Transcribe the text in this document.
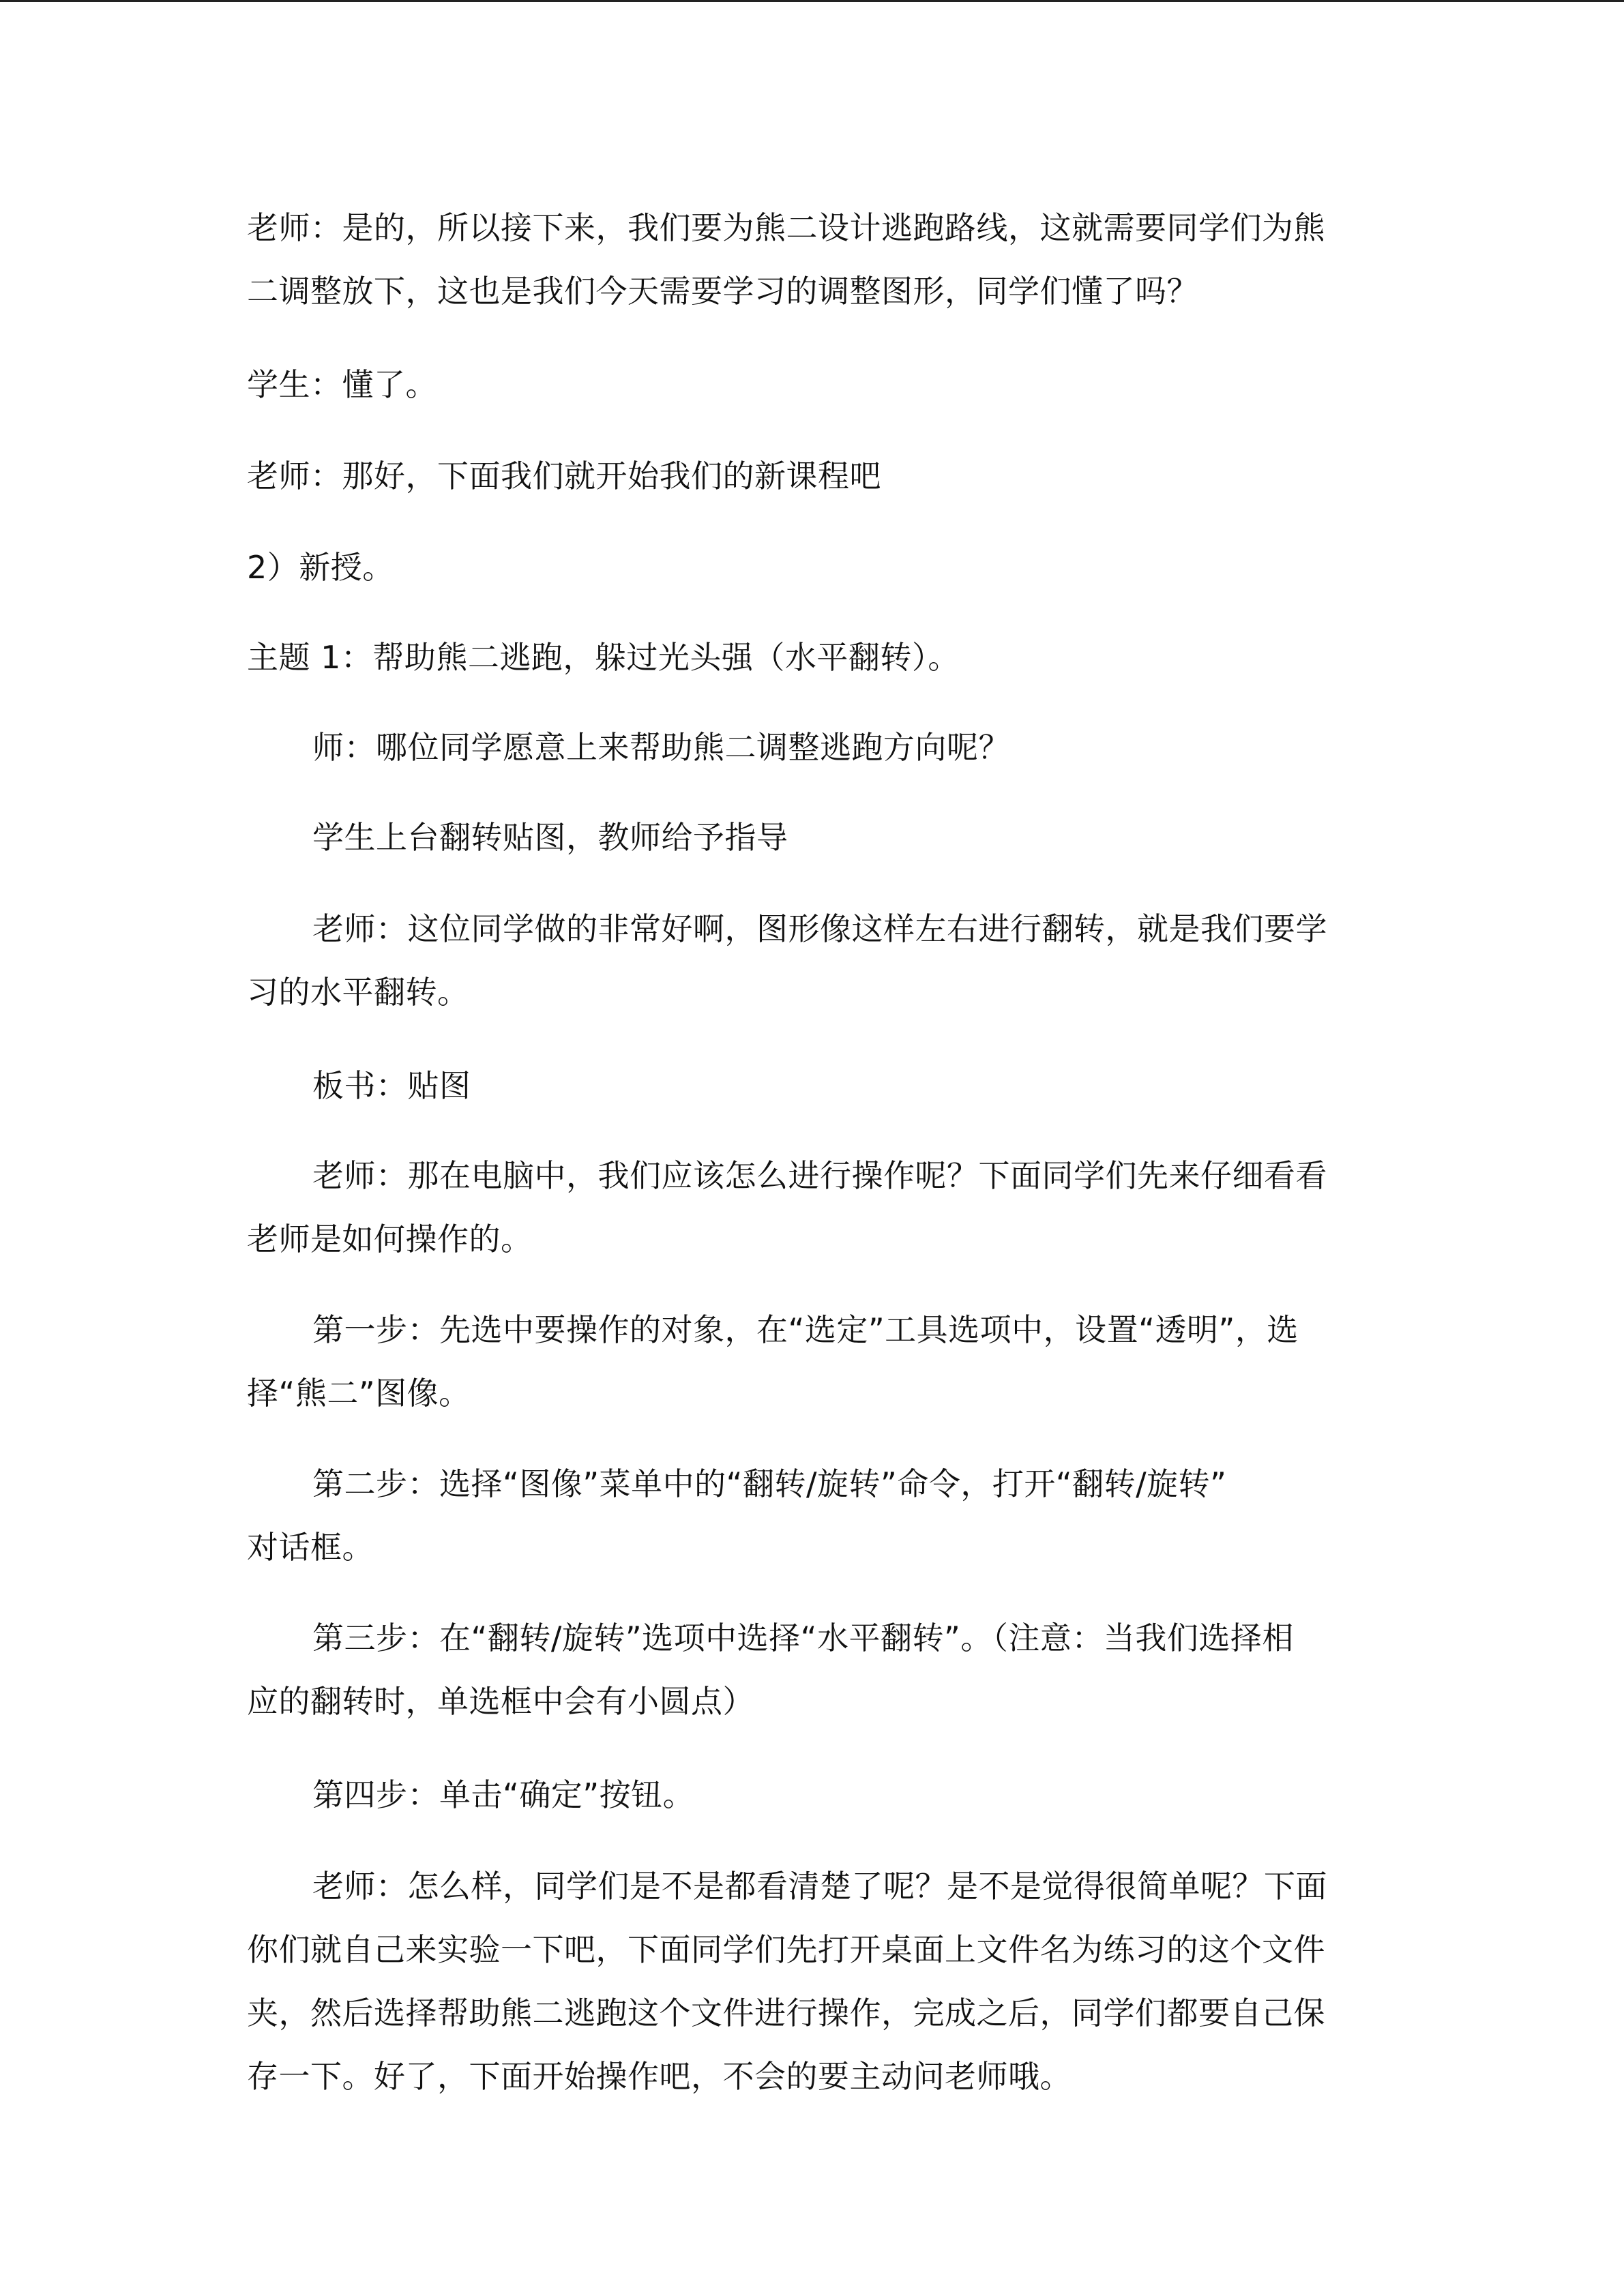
老师：是的，所以接下来，我们要为熊二设计逃跑路线，这就需要同学们为熊
二调整放下，这也是我们今天需要学习的调整图形，同学们懂了吗？

学生：懂了。

老师：那好，下面我们就开始我们的新课程吧

2）新授。

主题 1：帮助熊二逃跑，躲过光头强（水平翻转）。

师：哪位同学愿意上来帮助熊二调整逃跑方向呢？

学生上台翻转贴图，教师给予指导

老师：这位同学做的非常好啊，图形像这样左右进行翻转，就是我们要学
习的水平翻转。

板书：贴图

老师：那在电脑中，我们应该怎么进行操作呢？下面同学们先来仔细看看
老师是如何操作的。

第一步：先选中要操作的对象，在“选定”工具选项中，设置“透明”，选
择“熊二”图像。

第二步：选择“图像”菜单中的“翻转/旋转”命令，打开“翻转/旋转”
对话框。

第三步：在“翻转/旋转”选项中选择“水平翻转”。（注意：当我们选择相
应的翻转时，单选框中会有小圆点）

第四步：单击“确定”按钮。

老师：怎么样，同学们是不是都看清楚了呢？是不是觉得很简单呢？下面
你们就自己来实验一下吧，下面同学们先打开桌面上文件名为练习的这个文件
夹，然后选择帮助熊二逃跑这个文件进行操作，完成之后，同学们都要自己保
存一下。好了，下面开始操作吧，不会的要主动问老师哦。
